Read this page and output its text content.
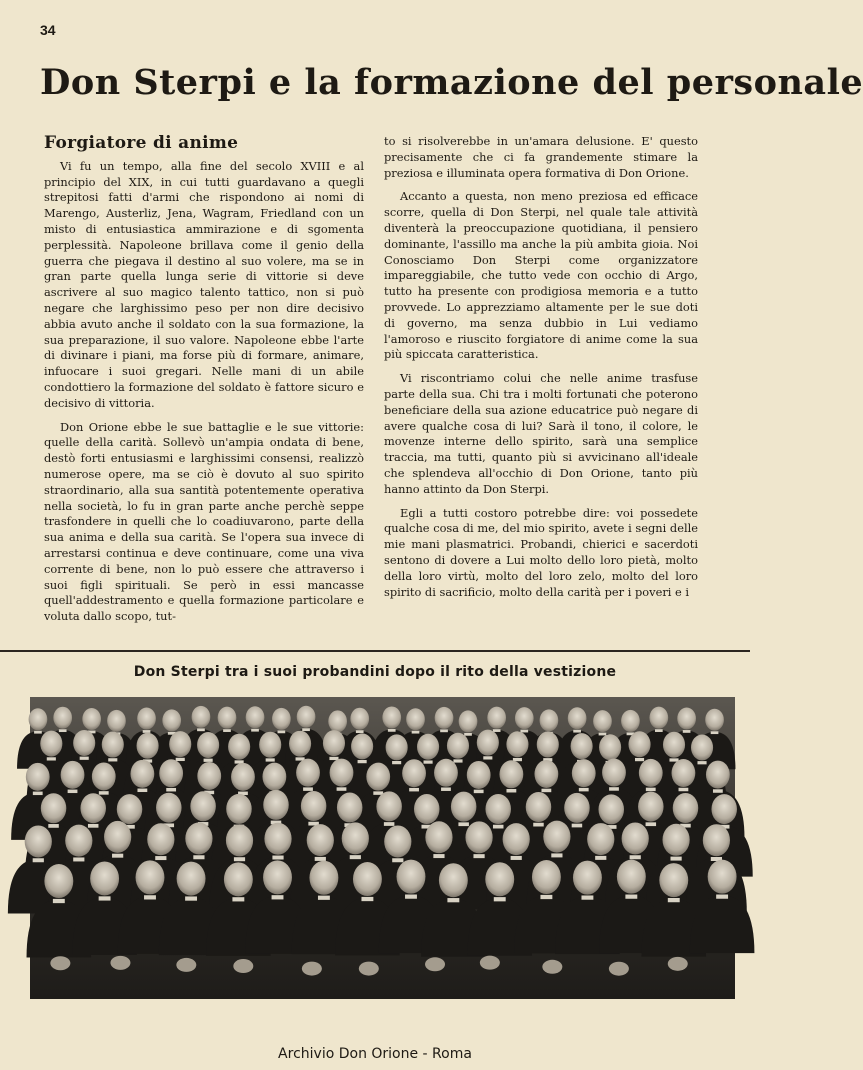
34
Don Sterpi e la formazione del personale
Forgiatore di anime

Vi fu un tempo, alla fine del secolo XVIII e al principio del XIX, in cui tutti guardavano a quegli strepitosi fatti d'armi che rispondono ai nomi di Marengo, Austerliz, Jena, Wagram, Friedland con un misto di entusiastica ammirazione e di sgomenta perplessità. Napoleone brillava come il genio della guerra che piegava il destino al suo volere, ma se in gran parte quella lunga serie di vittorie si deve ascrivere al suo magico talento tattico, non si può negare che larghissimo peso per non dire decisivo abbia avuto anche il soldato con la sua formazione, la sua preparazione, il suo valore. Napoleone ebbe l'arte di divinare i piani, ma forse più di formare, animare, infuocare i suoi gregari. Nelle mani di un abile condottiero la formazione del soldato è fattore sicuro e decisivo di vittoria.

Don Orione ebbe le sue battaglie e le sue vittorie: quelle della carità. Sollevò un'ampia ondata di bene, destò forti entusiasmi e larghissimi consensi, realizzò numerose opere, ma se ciò è dovuto al suo spirito straordinario, alla sua santità potentemente operativa nella società, lo fu in gran parte anche perchè seppe trasfondere in quelli che lo coadiuvarono, parte della sua anima e della sua carità. Se l'opera sua invece di arrestarsi continua e deve continuare, come una viva corrente di bene, non lo può essere che attraverso i suoi figli spirituali. Se però in essi mancasse quell'addestramento e quella formazione particolare e voluta dallo scopo, tut-

to si risolverebbe in un'amara delusione. E' questo precisamente che ci fa grandemente stimare la preziosa e illuminata opera formativa di Don Orione.

Accanto a questa, non meno preziosa ed efficace scorre, quella di Don Sterpi, nel quale tale attività diventerà la preoccupazione quotidiana, il pensiero dominante, l'assillo ma anche la più ambita gioia. Noi Conosciamo Don Sterpi come organizzatore impareggiabile, che tutto vede con occhio di Argo, tutto ha presente con prodigiosa memoria e a tutto provvede. Lo apprezziamo altamente per le sue doti di governo, ma senza dubbio in Lui vediamo l'amoroso e riuscito forgiatore di anime come la sua più spiccata caratteristica.

Vi riscontriamo colui che nelle anime trasfuse parte della sua. Chi tra i molti fortunati che poterono beneficiare della sua azione educatrice può negare di avere qualche cosa di lui? Sarà il tono, il colore, le movenze interne dello spirito, sarà una semplice traccia, ma tutti, quanto più si avvicinano all'ideale che splendeva all'occhio di Don Orione, tanto più hanno attinto da Don Sterpi.

Egli a tutti costoro potrebbe dire: voi possedete qualche cosa di me, del mio spirito, avete i segni delle mie mani plasmatrici. Probandi, chierici e sacerdoti sentono di dovere a Lui molto dello loro pietà, molto della loro virtù, molto del loro zelo, molto del loro spirito di sacrificio, molto della carità per i poveri e i

Don Sterpi tra i suoi probandini dopo il rito della vestizione
Archivio Don Orione - Roma
